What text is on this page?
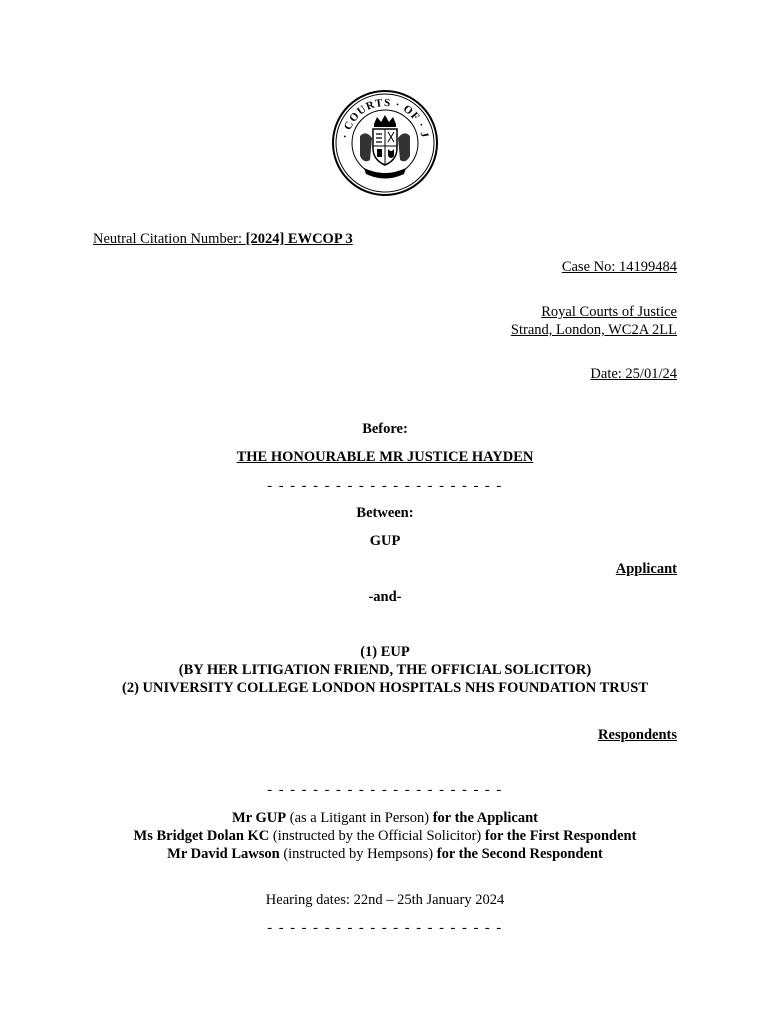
· COURTS · OF · J
Neutral Citation Number: [2024] EWCOP 3
Case No: 14199484
Royal Courts of Justice
Strand, London, WC2A 2LL
Date: 25/01/24
Before:
THE HONOURABLE MR JUSTICE HAYDEN
- - - - - - - - - - - - - - - - - - - - -
Between:
GUP
Applicant
-and-
(1) EUP
(BY HER LITIGATION FRIEND, THE OFFICIAL SOLICITOR)
(2) UNIVERSITY COLLEGE LONDON HOSPITALS NHS FOUNDATION TRUST
Respondents
- - - - - - - - - - - - - - - - - - - - -
Mr GUP (as a Litigant in Person) for the Applicant
Ms Bridget Dolan KC (instructed by the Official Solicitor) for the First Respondent
Mr David Lawson (instructed by Hempsons) for the Second Respondent
Hearing dates: 22nd – 25th January 2024
- - - - - - - - - - - - - - - - - - - - -
